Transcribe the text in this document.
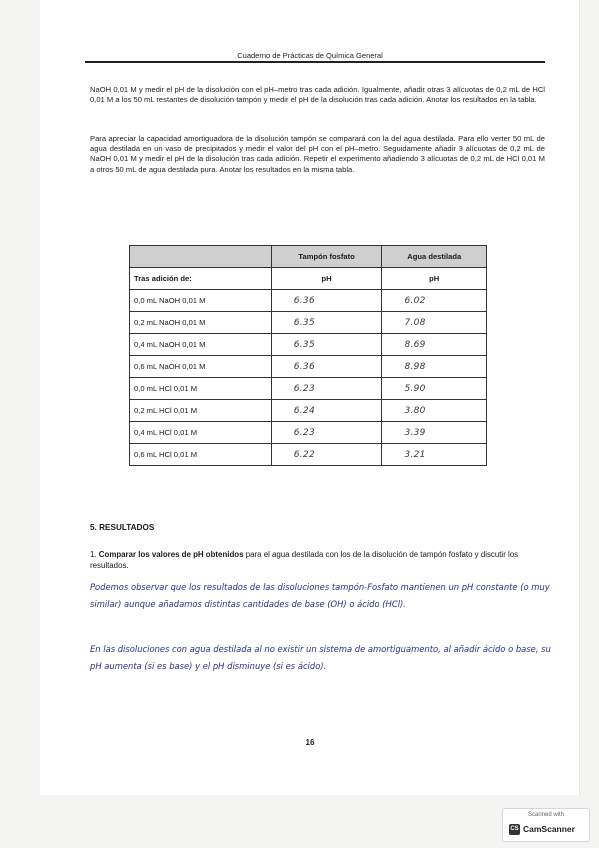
Cuaderno de Prácticas de Química General
NaOH 0,01 M y medir el pH de la disolución con el pH–metro tras cada adición. Igualmente, añadir otras 3 alícuotas de 0,2 mL de HCl 0,01 M a los 50 mL restantes de disolución tampón y medir el pH de la disolución tras cada adición. Anotar los resultados en la tabla.
Para apreciar la capacidad amortiguadora de la disolución tampón se comparará con la del agua destilada. Para ello verter 50 mL de agua destilada en un vaso de precipitados y medir el valor del pH con el pH–metro. Seguidamente añadir 3 alícuotas de 0,2 mL de NaOH 0,01 M y medir el pH de la disolución tras cada adición. Repetir el experimento añadiendo 3 alícuotas de 0,2 mL de HCl 0,01 M a otros 50 mL de agua destilada pura. Anotar los resultados en la misma tabla.
	Tampón fosfato	Agua destilada
Tras adición de:	pH	pH
0,0 mL NaOH 0,01 M	6.36	6.02
0,2 mL NaOH 0,01 M	6.35	7.08
0,4 mL NaOH 0,01 M	6.35	8.69
0,6 mL NaOH 0,01 M	6.36	8.98
0,0 mL HCl 0,01 M	6.23	5.90
0,2 mL HCl 0,01 M	6.24	3.80
0,4 mL HCl 0,01 M	6.23	3.39
0,6 mL HCl 0,01 M	6.22	3.21
5. RESULTADOS
1. Comparar los valores de pH obtenidos para el agua destilada con los de la disolución de tampón fosfato y discutir los resultados.
Podemos observar que los resultados de las disoluciones tampón-Fosfato mantienen un pH constante (o muy similar) aunque añadamos distintas cantidades de base (OH) o ácido (HCl).
En las disoluciones con agua destilada al no existir un sistema de amortiguamento, al añadir ácido o base, su pH aumenta (si es base) y el pH disminuye (si es ácido).
16
Scanned with
CS CamScanner
